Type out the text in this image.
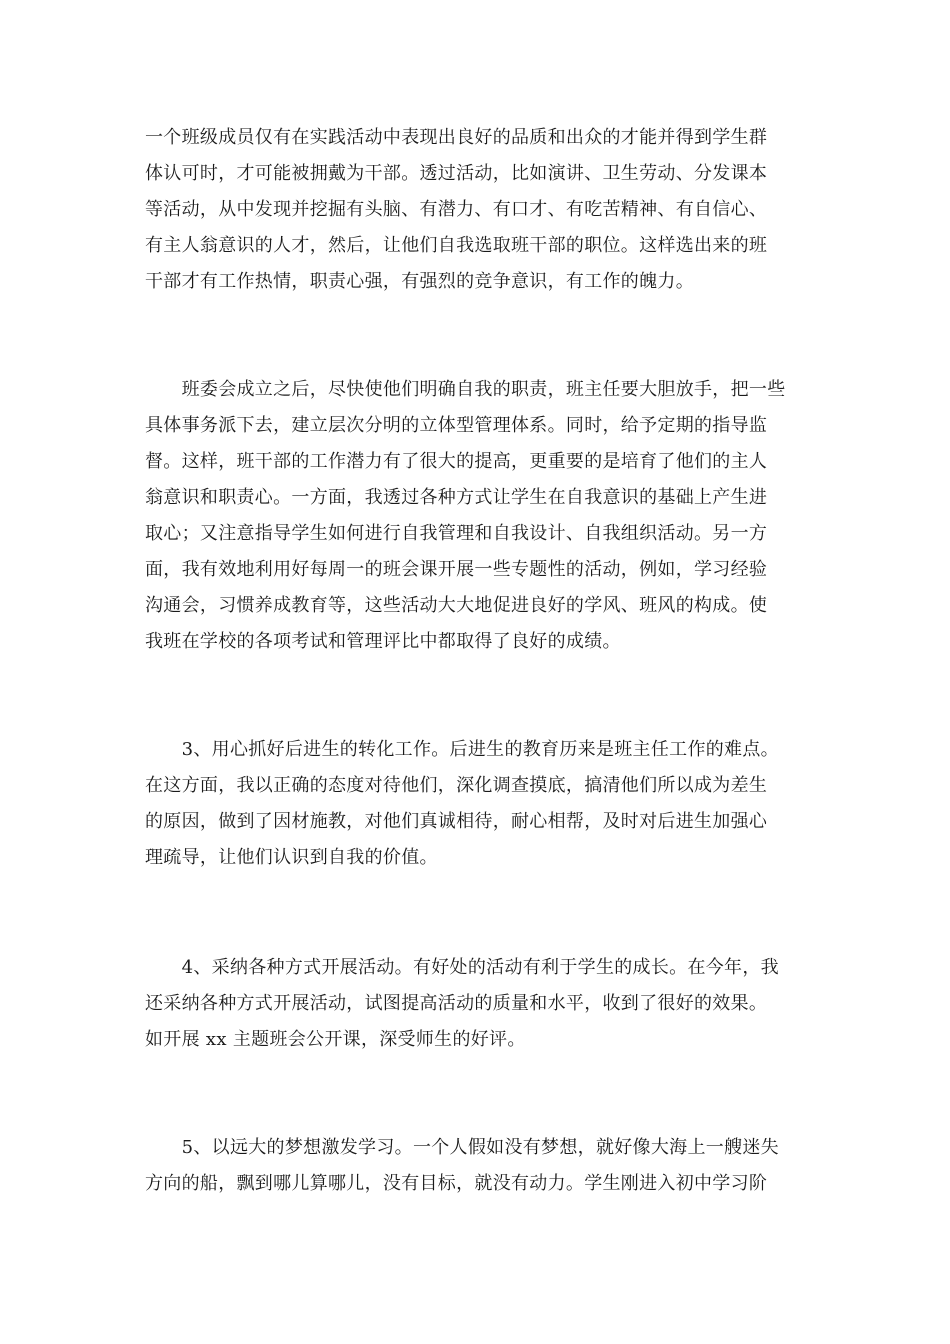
一个班级成员仅有在实践活动中表现出良好的品质和出众的才能并得到学生群
体认可时，才可能被拥戴为干部。透过活动，比如演讲、卫生劳动、分发课本
等活动，从中发现并挖掘有头脑、有潜力、有口才、有吃苦精神、有自信心、
有主人翁意识的人才，然后，让他们自我选取班干部的职位。这样选出来的班
干部才有工作热情，职责心强，有强烈的竞争意识，有工作的魄力。
　　班委会成立之后，尽快使他们明确自我的职责，班主任要大胆放手，把一些
具体事务派下去，建立层次分明的立体型管理体系。同时，给予定期的指导监
督。这样，班干部的工作潜力有了很大的提高，更重要的是培育了他们的主人
翁意识和职责心。一方面，我透过各种方式让学生在自我意识的基础上产生进
取心；又注意指导学生如何进行自我管理和自我设计、自我组织活动。另一方
面，我有效地利用好每周一的班会课开展一些专题性的活动，例如，学习经验
沟通会，习惯养成教育等，这些活动大大地促进良好的学风、班风的构成。使
我班在学校的各项考试和管理评比中都取得了良好的成绩。
　　3、用心抓好后进生的转化工作。后进生的教育历来是班主任工作的难点。
在这方面，我以正确的态度对待他们，深化调查摸底，搞清他们所以成为差生
的原因，做到了因材施教，对他们真诚相待，耐心相帮，及时对后进生加强心
理疏导，让他们认识到自我的价值。
　　4、采纳各种方式开展活动。有好处的活动有利于学生的成长。在今年，我
还采纳各种方式开展活动，试图提高活动的质量和水平，收到了很好的效果。
如开展 xx 主题班会公开课，深受师生的好评。
　　5、以远大的梦想激发学习。一个人假如没有梦想，就好像大海上一艘迷失
方向的船，飘到哪儿算哪儿，没有目标，就没有动力。学生刚进入初中学习阶
